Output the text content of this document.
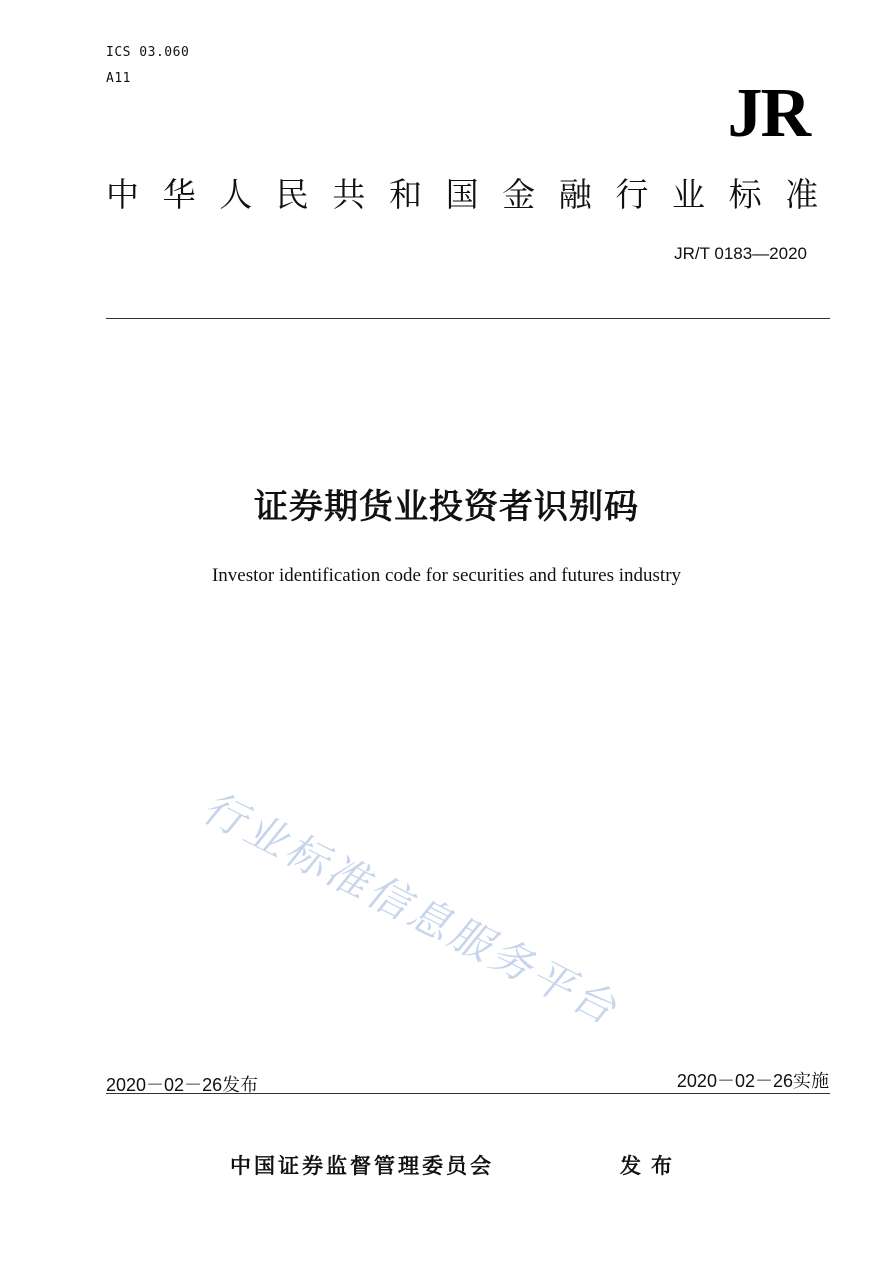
ICS 03.060
A11	JR
中华人民共和国金融行业标准
JR/T 0183—2020
证券期货业投资者识别码
Investor identification code for securities and futures industry
行业标准信息服务平台
2020－02－26发布	2020－02－26实施
中国证券监督管理委员会	发布
